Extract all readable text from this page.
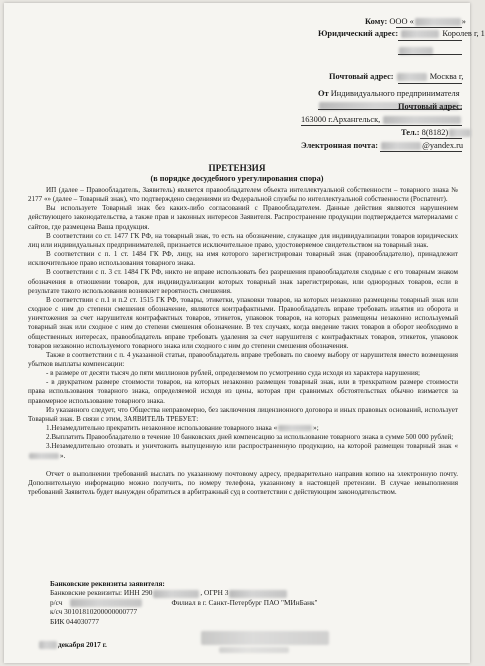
Кому: ООО «	»
Юридический адрес:	Королев г, 1
Почтовый адрес:	Москва г,
От Индивидуального предпринимателя
Почтовый адрес:
163000 г.Архангельск,
Тел.: 8(8182)
Электронная почта:	@yandex.ru
ПРЕТЕНЗИЯ
(в порядке досудебного урегулирования спора)

ИП (далее – Правообладатель, Заявитель) является правообладателем объекта интеллектуальной собственности – товарного знака № 2177 «» (далее – Товарный знак), что подтверждено сведениями из Федеральной службы по интеллектуальной собственности (Роспатент).

Вы используете Товарный знак без каких-либо согласований с Правообладателем. Данные действия являются нарушением действующего законодательства, а также прав и законных интересов Заявителя. Распространение продукции подтверждается материалами с сайтов, где размещена Ваша продукция.

В соответствии со ст. 1477 ГК РФ, на товарный знак, то есть на обозначение, служащее для индивидуализации товаров юридических лиц или индивидуальных предпринимателей, признается исключительное право, удостоверяемое свидетельством на товарный знак.

В соответствии с п. 1 ст. 1484 ГК РФ, лицу, на имя которого зарегистрирован товарный знак (правообладателю), принадлежит исключительное право использования товарного знака.

В соответствии с п. 3 ст. 1484 ГК РФ, никто не вправе использовать без разрешения правообладателя сходные с его товарным знаком обозначения в отношении товаров, для индивидуализации которых товарный знак зарегистрирован, или однородных товаров, если в результате такого использования возникнет вероятность смешения.

В соответствии с п.1 и п.2 ст. 1515 ГК РФ, товары, этикетки, упаковки товаров, на которых незаконно размещены товарный знак или сходное с ним до степени смешения обозначение, являются контрафактными. Правообладатель вправе требовать изъятия из оборота и уничтожения за счет нарушителя контрафактных товаров, этикеток, упаковок товаров, на которых размещены незаконно используемый товарный знак или сходное с ним до степени смешения обозначение. В тех случаях, когда введение таких товаров в оборот необходимо в общественных интересах, правообладатель вправе требовать удаления за счет нарушителя с контрафактных товаров, этикеток, упаковок товаров незаконно используемого товарного знака или сходного с ним до степени смешения обозначения.

Также в соответствии с п. 4 указанной статьи, правообладатель вправе требовать по своему выбору от нарушителя вместо возмещения убытков выплаты компенсации:

- в размере от десяти тысяч до пяти миллионов рублей, определяемом по усмотрению суда исходя из характера нарушения;

- в двукратном размере стоимости товаров, на которых незаконно размещен товарный знак, или в трехкратном размере стоимости права использования товарного знака, определяемой исходя из цены, которая при сравнимых обстоятельствах обычно взимается за правомерное использование товарного знака.

Из указанного следует, что Общества неправомерно, без заключения лицензионного договора и иных правовых оснований, использует Товарный знак. В связи с этим, ЗАЯВИТЕЛЬ ТРЕБУЕТ:

1.Незамедлительно прекратить незаконное использование товарного знака «	»;

2.Выплатить Правообладателю в течение 10 банковских дней компенсацию за использование товарного знака в сумме 500 000 рублей;

3.Незамедлительно отозвать и уничтожить выпущенную или распространенную продукцию, на которой размещен товарный знак «».

Отчет о выполнении требований выслать по указанному почтовому адресу, предварительно направив копию на электронную почту. Дополнительную информацию можно получить, по номеру телефона, указанному в настоящей претензии. В случае невыполнения требований Заявитель будет вынужден обратиться в арбитражный суд в соответствии с действующим законодательством.

Банковские реквизиты заявителя:
Банковские реквизиты: ИНН 290	, ОГРН 3
р/сч	Филиал в г. Санкт-Петербург ПАО "МИнБанк"
к/сч 30101810200000000777
БИК 044030777
декабря 2017 г.
